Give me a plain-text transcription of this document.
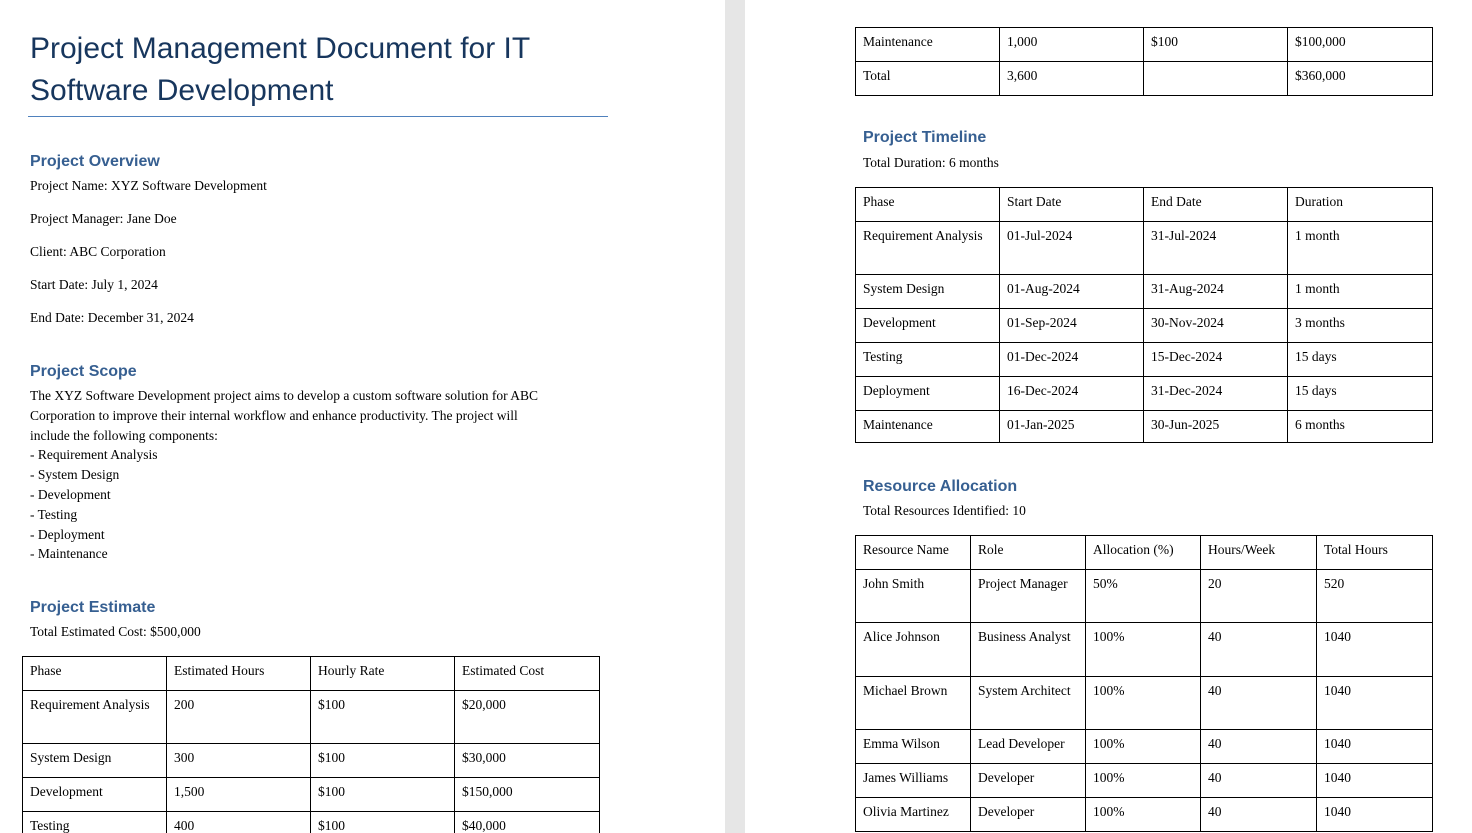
Project Management Document for IT Software Development
Project Overview
Project Name: XYZ Software Development
Project Manager: Jane Doe
Client: ABC Corporation
Start Date: July 1, 2024
End Date: December 31, 2024
Project Scope
The XYZ Software Development project aims to develop a custom software solution for ABC
Corporation to improve their internal workflow and enhance productivity. The project will
include the following components:
- Requirement Analysis
- System Design
- Development
- Testing
- Deployment
- Maintenance
Project Estimate
Total Estimated Cost: $500,000
Phase	Estimated Hours	Hourly Rate	Estimated Cost
Requirement Analysis	200	$100	$20,000
System Design	300	$100	$30,000
Development	1,500	$100	$150,000
Testing	400	$100	$40,000
Maintenance	1,000	$100	$100,000
Total	3,600		$360,000
Project Timeline
Total Duration: 6 months
Phase	Start Date	End Date	Duration
Requirement Analysis	01-Jul-2024	31-Jul-2024	1 month
System Design	01-Aug-2024	31-Aug-2024	1 month
Development	01-Sep-2024	30-Nov-2024	3 months
Testing	01-Dec-2024	15-Dec-2024	15 days
Deployment	16-Dec-2024	31-Dec-2024	15 days
Maintenance	01-Jan-2025	30-Jun-2025	6 months
Resource Allocation
Total Resources Identified: 10
Resource Name	Role	Allocation (%)	Hours/Week	Total Hours
John Smith	Project Manager	50%	20	520
Alice Johnson	Business Analyst	100%	40	1040
Michael Brown	System Architect	100%	40	1040
Emma Wilson	Lead Developer	100%	40	1040
James Williams	Developer	100%	40	1040
Olivia Martinez	Developer	100%	40	1040
